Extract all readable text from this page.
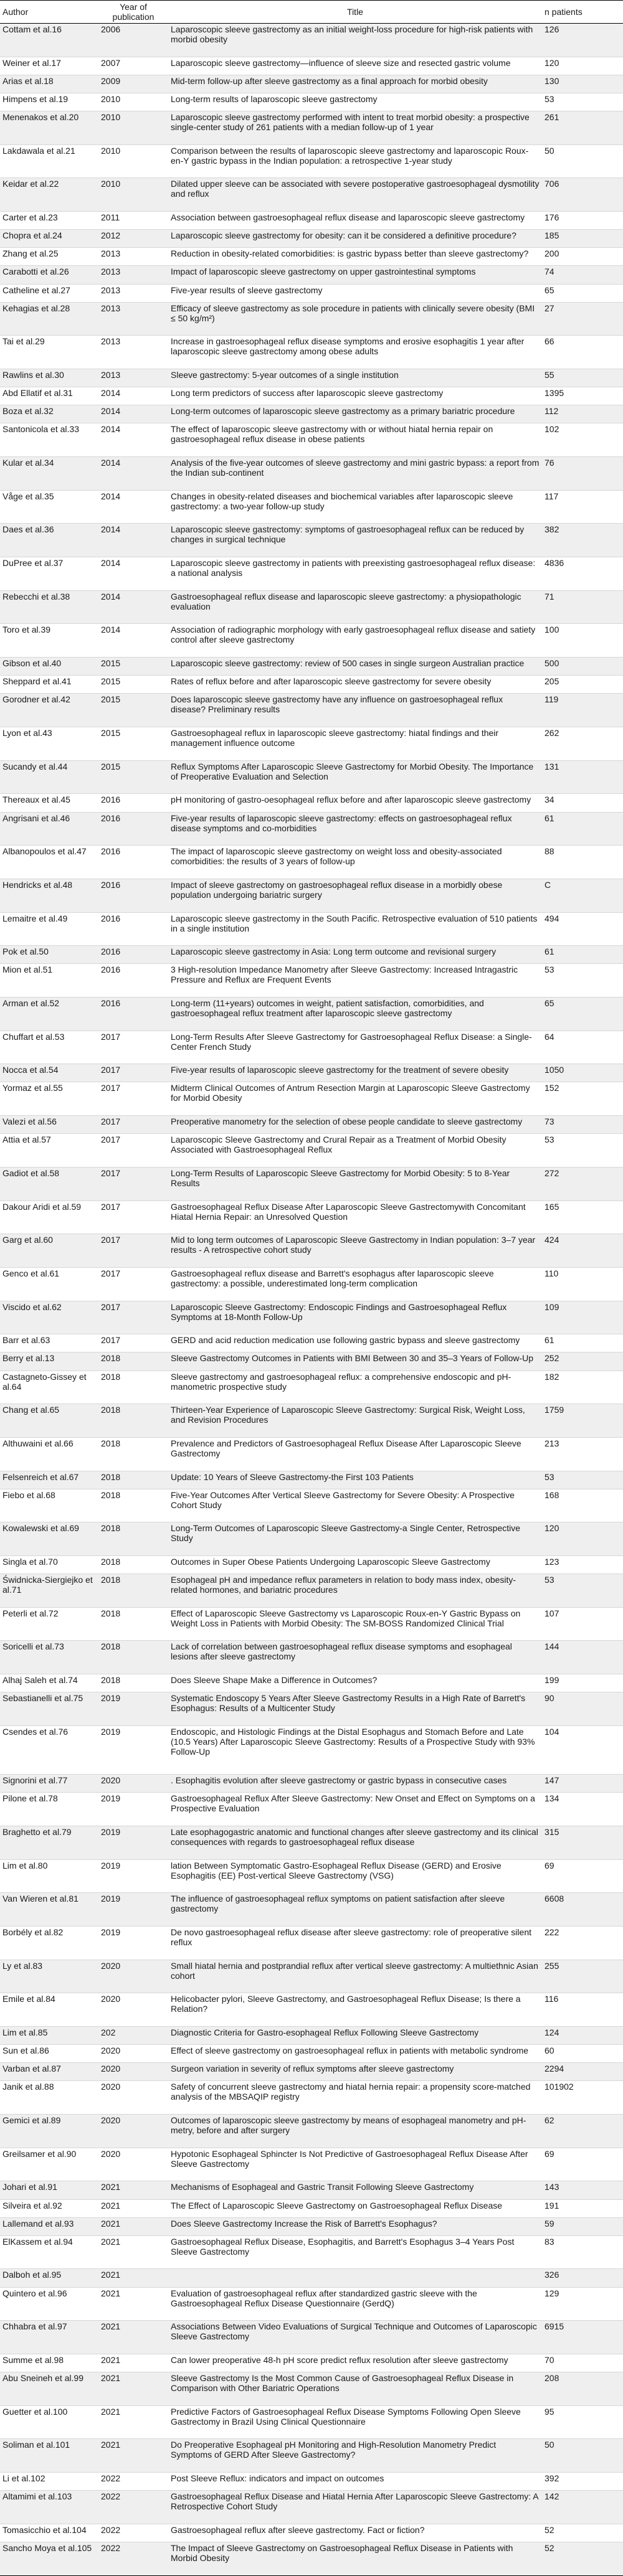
Author	Year of publication	Title	n patients
Cottam et al.16	2006	Laparoscopic sleeve gastrectomy as an initial weight-loss procedure for high-risk patients with morbid obesity	126
Weiner et al.17	2007	Laparoscopic sleeve gastrectomy—influence of sleeve size and resected gastric volume	120
Arias et al.18	2009	Mid-term follow-up after sleeve gastrectomy as a final approach for morbid obesity	130
Himpens et al.19	2010	Long-term results of laparoscopic sleeve gastrectomy	53
Menenakos et al.20	2010	Laparoscopic sleeve gastrectomy performed with intent to treat morbid obesity: a prospective single-center study of 261 patients with a median follow-up of 1 year	261
Lakdawala et al.21	2010	Comparison between the results of laparoscopic sleeve gastrectomy and laparoscopic Roux-en-Y gastric bypass in the Indian population: a retrospective 1-year study	50
Keidar et al.22	2010	Dilated upper sleeve can be associated with severe postoperative gastroesophageal dysmotility and reflux	706
Carter et al.23	2011	Association between gastroesophageal reflux disease and laparoscopic sleeve gastrectomy	176
Chopra et al.24	2012	Laparoscopic sleeve gastrectomy for obesity: can it be considered a definitive procedure?	185
Zhang et al.25	2013	Reduction in obesity-related comorbidities: is gastric bypass better than sleeve gastrectomy?	200
Carabotti et al.26	2013	Impact of laparoscopic sleeve gastrectomy on upper gastrointestinal symptoms	74
Catheline et al.27	2013	Five-year results of sleeve gastrectomy	65
Kehagias et al.28	2013	Efficacy of sleeve gastrectomy as sole procedure in patients with clinically severe obesity (BMI ≤ 50 kg/m²)	27
Tai et al.29	2013	Increase in gastroesophageal reflux disease symptoms and erosive esophagitis 1 year after laparoscopic sleeve gastrectomy among obese adults	66
Rawlins et al.30	2013	Sleeve gastrectomy: 5-year outcomes of a single institution	55
Abd Ellatif et al.31	2014	Long term predictors of success after laparoscopic sleeve gastrectomy	1395
Boza et al.32	2014	Long-term outcomes of laparoscopic sleeve gastrectomy as a primary bariatric procedure	112
Santonicola et al.33	2014	The effect of laparoscopic sleeve gastrectomy with or without hiatal hernia repair on gastroesophageal reflux disease in obese patients	102
Kular et al.34	2014	Analysis of the five-year outcomes of sleeve gastrectomy and mini gastric bypass: a report from the Indian sub-continent	76
Våge et al.35	2014	Changes in obesity-related diseases and biochemical variables after laparoscopic sleeve gastrectomy: a two-year follow-up study	117
Daes et al.36	2014	Laparoscopic sleeve gastrectomy: symptoms of gastroesophageal reflux can be reduced by changes in surgical technique	382
DuPree et al.37	2014	Laparoscopic sleeve gastrectomy in patients with preexisting gastroesophageal reflux disease: a national analysis	4836
Rebecchi et al.38	2014	Gastroesophageal reflux disease and laparoscopic sleeve gastrectomy: a physiopathologic evaluation	71
Toro et al.39	2014	Association of radiographic morphology with early gastroesophageal reflux disease and satiety control after sleeve gastrectomy	100
Gibson et al.40	2015	Laparoscopic sleeve gastrectomy: review of 500 cases in single surgeon Australian practice	500
Sheppard et al.41	2015	Rates of reflux before and after laparoscopic sleeve gastrectomy for severe obesity	205
Gorodner et al.42	2015	Does laparoscopic sleeve gastrectomy have any influence on gastroesophageal reflux disease? Preliminary results	119
Lyon et al.43	2015	Gastroesophageal reflux in laparoscopic sleeve gastrectomy: hiatal findings and their management influence outcome	262
Sucandy et al.44	2015	Reflux Symptoms After Laparoscopic Sleeve Gastrectomy for Morbid Obesity. The Importance of Preoperative Evaluation and Selection	131
Thereaux et al.45	2016	pH monitoring of gastro-oesophageal reflux before and after laparoscopic sleeve gastrectomy	34
Angrisani et al.46	2016	Five-year results of laparoscopic sleeve gastrectomy: effects on gastroesophageal reflux disease symptoms and co-morbidities	61
Albanopoulos et al.47	2016	The impact of laparoscopic sleeve gastrectomy on weight loss and obesity-associated comorbidities: the results of 3 years of follow-up	88
Hendricks et al.48	2016	Impact of sleeve gastrectomy on gastroesophageal reflux disease in a morbidly obese population undergoing bariatric surgery	C
Lemaitre et al.49	2016	Laparoscopic sleeve gastrectomy in the South Pacific. Retrospective evaluation of 510 patients in a single institution	494
Pok et al.50	2016	Laparoscopic sleeve gastrectomy in Asia: Long term outcome and revisional surgery	61
Mion et al.51	2016	3 High-resolution Impedance Manometry after Sleeve Gastrectomy: Increased Intragastric Pressure and Reflux are Frequent Events	53
Arman et al.52	2016	Long-term (11+years) outcomes in weight, patient satisfaction, comorbidities, and gastroesophageal reflux treatment after laparoscopic sleeve gastrectomy	65
Chuffart et al.53	2017	Long-Term Results After Sleeve Gastrectomy for Gastroesophageal Reflux Disease: a Single-Center French Study	64
Nocca et al.54	2017	Five-year results of laparoscopic sleeve gastrectomy for the treatment of severe obesity	1050
Yormaz et al.55	2017	Midterm Clinical Outcomes of Antrum Resection Margin at Laparoscopic Sleeve Gastrectomy for Morbid Obesity	152
Valezi et al.56	2017	Preoperative manometry for the selection of obese people candidate to sleeve gastrectomy	73
Attia et al.57	2017	Laparoscopic Sleeve Gastrectomy and Crural Repair as a Treatment of Morbid Obesity Associated with Gastroesophageal Reflux	53
Gadiot et al.58	2017	Long-Term Results of Laparoscopic Sleeve Gastrectomy for Morbid Obesity: 5 to 8-Year Results	272
Dakour Aridi et al.59	2017	Gastroesophageal Reflux Disease After Laparoscopic Sleeve Gastrectomywith Concomitant Hiatal Hernia Repair: an Unresolved Question	165
Garg et al.60	2017	Mid to long term outcomes of Laparoscopic Sleeve Gastrectomy in Indian population: 3–7 year results - A retrospective cohort study	424
Genco et al.61	2017	Gastroesophageal reflux disease and Barrett's esophagus after laparoscopic sleeve gastrectomy: a possible, underestimated long-term complication	110
Viscido et al.62	2017	Laparoscopic Sleeve Gastrectomy: Endoscopic Findings and Gastroesophageal Reflux Symptoms at 18-Month Follow-Up	109
Barr et al.63	2017	GERD and acid reduction medication use following gastric bypass and sleeve gastrectomy	61
Berry et al.13	2018	Sleeve Gastrectomy Outcomes in Patients with BMI Between 30 and 35–3 Years of Follow-Up	252
Castagneto-Gissey et al.64	2018	Sleeve gastrectomy and gastroesophageal reflux: a comprehensive endoscopic and pH-manometric prospective study	182
Chang et al.65	2018	Thirteen-Year Experience of Laparoscopic Sleeve Gastrectomy: Surgical Risk, Weight Loss, and Revision Procedures	1759
Althuwaini et al.66	2018	Prevalence and Predictors of Gastroesophageal Reflux Disease After Laparoscopic Sleeve Gastrectomy	213
Felsenreich et al.67	2018	Update: 10 Years of Sleeve Gastrectomy-the First 103 Patients	53
Fiebo et al.68	2018	Five-Year Outcomes After Vertical Sleeve Gastrectomy for Severe Obesity: A Prospective Cohort Study	168
Kowalewski et al.69	2018	Long-Term Outcomes of Laparoscopic Sleeve Gastrectomy-a Single Center, Retrospective Study	120
Singla et al.70	2018	Outcomes in Super Obese Patients Undergoing Laparoscopic Sleeve Gastrectomy	123
Świdnicka-Siergiejko et al.71	2018	Esophageal pH and impedance reflux parameters in relation to body mass index, obesity-related hormones, and bariatric procedures	53
Peterli et al.72	2018	Effect of Laparoscopic Sleeve Gastrectomy vs Laparoscopic Roux-en-Y Gastric Bypass on Weight Loss in Patients with Morbid Obesity: The SM-BOSS Randomized Clinical Trial	107
Soricelli et al.73	2018	Lack of correlation between gastroesophageal reflux disease symptoms and esophageal lesions after sleeve gastrectomy	144
Alhaj Saleh et al.74	2018	Does Sleeve Shape Make a Difference in Outcomes?	199
Sebastianelli et al.75	2019	Systematic Endoscopy 5 Years After Sleeve Gastrectomy Results in a High Rate of Barrett's Esophagus: Results of a Multicenter Study	90
Csendes et al.76	2019	Endoscopic, and Histologic Findings at the Distal Esophagus and Stomach Before and Late (10.5 Years) After Laparoscopic Sleeve Gastrectomy: Results of a Prospective Study with 93% Follow-Up	104
Signorini et al.77	2020	. Esophagitis evolution after sleeve gastrectomy or gastric bypass in consecutive cases	147
Pilone et al.78	2019	Gastroesophageal Reflux After Sleeve Gastrectomy: New Onset and Effect on Symptoms on a Prospective Evaluation	134
Braghetto et al.79	2019	Late esophagogastric anatomic and functional changes after sleeve gastrectomy and its clinical consequences with regards to gastroesophageal reflux disease	315
Lim et al.80	2019	lation Between Symptomatic Gastro-Esophageal Reflux Disease (GERD) and Erosive Esophagitis (EE) Post-vertical Sleeve Gastrectomy (VSG)	69
Van Wieren et al.81	2019	The influence of gastroesophageal reflux symptoms on patient satisfaction after sleeve gastrectomy	6608
Borbély et al.82	2019	De novo gastroesophageal reflux disease after sleeve gastrectomy: role of preoperative silent reflux	222
Ly et al.83	2020	Small hiatal hernia and postprandial reflux after vertical sleeve gastrectomy: A multiethnic Asian cohort	255
Emile et al.84	2020	Helicobacter pylori, Sleeve Gastrectomy, and Gastroesophageal Reflux Disease; Is there a Relation?	116
Lim et al.85	202	Diagnostic Criteria for Gastro-esophageal Reflux Following Sleeve Gastrectomy	124
Sun et al.86	2020	Effect of sleeve gastrectomy on gastroesophageal reflux in patients with metabolic syndrome	60
Varban et al.87	2020	Surgeon variation in severity of reflux symptoms after sleeve gastrectomy	2294
Janik et al.88	2020	Safety of concurrent sleeve gastrectomy and hiatal hernia repair: a propensity score-matched analysis of the MBSAQIP registry	101902
Gemici et al.89	2020	Outcomes of laparoscopic sleeve gastrectomy by means of esophageal manometry and pH-metry, before and after surgery	62
Greilsamer et al.90	2020	Hypotonic Esophageal Sphincter Is Not Predictive of Gastroesophageal Reflux Disease After Sleeve Gastrectomy	69
Johari et al.91	2021	Mechanisms of Esophageal and Gastric Transit Following Sleeve Gastrectomy	143
Silveira et al.92	2021	The Effect of Laparoscopic Sleeve Gastrectomy on Gastroesophageal Reflux Disease	191
Lallemand et al.93	2021	Does Sleeve Gastrectomy Increase the Risk of Barrett's Esophagus?	59
ElKassem et al.94	2021	Gastroesophageal Reflux Disease, Esophagitis, and Barrett's Esophagus 3–4 Years Post Sleeve Gastrectomy	83
Dalboh et al.95	2021		326
Quintero et al.96	2021	Evaluation of gastroesophageal reflux after standardized gastric sleeve with the Gastroesophageal Reflux Disease Questionnaire (GerdQ)	129
Chhabra et al.97	2021	Associations Between Video Evaluations of Surgical Technique and Outcomes of Laparoscopic Sleeve Gastrectomy	6915
Summe et al.98	2021	Can lower preoperative 48-h pH score predict reflux resolution after sleeve gastrectomy	70
Abu Sneineh et al.99	2021	Sleeve Gastrectomy Is the Most Common Cause of Gastroesophageal Reflux Disease in Comparison with Other Bariatric Operations	208
Guetter et al.100	2021	Predictive Factors of Gastroesophageal Reflux Disease Symptoms Following Open Sleeve Gastrectomy in Brazil Using Clinical Questionnaire	95
Soliman et al.101	2021	Do Preoperative Esophageal pH Monitoring and High-Resolution Manometry Predict Symptoms of GERD After Sleeve Gastrectomy?	50
Li et al.102	2022	Post Sleeve Reflux: indicators and impact on outcomes	392
Altamimi et al.103	2022	Gastroesophageal Reflux Disease and Hiatal Hernia After Laparoscopic Sleeve Gastrectomy: A Retrospective Cohort Study	142
Tomasicchio et al.104	2022	Gastroesophageal reflux after sleeve gastrectomy. Fact or fiction?	52
Sancho Moya et al.105	2022	The Impact of Sleeve Gastrectomy on Gastroesophageal Reflux Disease in Patients with Morbid Obesity	52
